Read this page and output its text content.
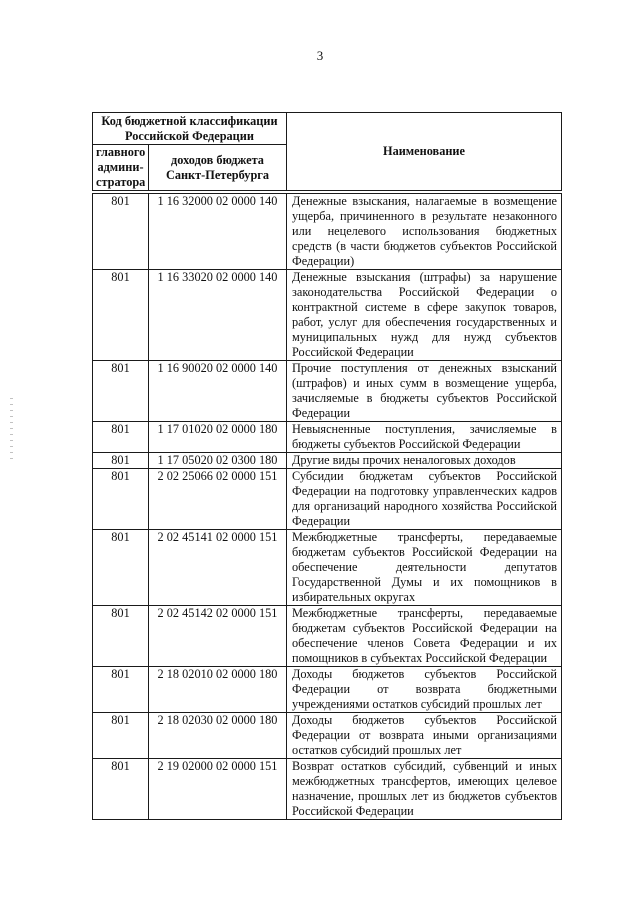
3
Код бюджетной классификации Российской Федерации		Наименование
главного админи-стратора	доходов бюджета Санкт-Петербурга	
801	1 16 32000 02 0000 140	Денежные взыскания, налагаемые в возмещение ущерба, причиненного в результате незаконного или нецелевого использования бюджетных средств (в части бюджетов субъектов Российской Федерации)
801	1 16 33020 02 0000 140	Денежные взыскания (штрафы) за нарушение законодательства Российской Федерации о контрактной системе в сфере закупок товаров, работ, услуг для обеспечения государственных и муниципальных нужд для нужд субъектов Российской Федерации
801	1 16 90020 02 0000 140	Прочие поступления от денежных взысканий (штрафов) и иных сумм в возмещение ущерба, зачисляемые в бюджеты субъектов Российской Федерации
801	1 17 01020 02 0000 180	Невыясненные поступления, зачисляемые в бюджеты субъектов Российской Федерации
801	1 17 05020 02 0300 180	Другие виды прочих неналоговых доходов
801	2 02 25066 02 0000 151	Субсидии бюджетам субъектов Российской Федерации на подготовку управленческих кадров для организаций народного хозяйства Российской Федерации
801	2 02 45141 02 0000 151	Межбюджетные трансферты, передаваемые бюджетам субъектов Российской Федерации на обеспечение деятельности депутатов Государственной Думы и их помощников в избирательных округах
801	2 02 45142 02 0000 151	Межбюджетные трансферты, передаваемые бюджетам субъектов Российской Федерации на обеспечение членов Совета Федерации и их помощников в субъектах Российской Федерации
801	2 18 02010 02 0000 180	Доходы бюджетов субъектов Российской Федерации от возврата бюджетными учреждениями остатков субсидий прошлых лет
801	2 18 02030 02 0000 180	Доходы бюджетов субъектов Российской Федерации от возврата иными организациями остатков субсидий прошлых лет
801	2 19 02000 02 0000 151	Возврат остатков субсидий, субвенций и иных межбюджетных трансфертов, имеющих целевое назначение, прошлых лет из бюджетов субъектов Российской Федерации
